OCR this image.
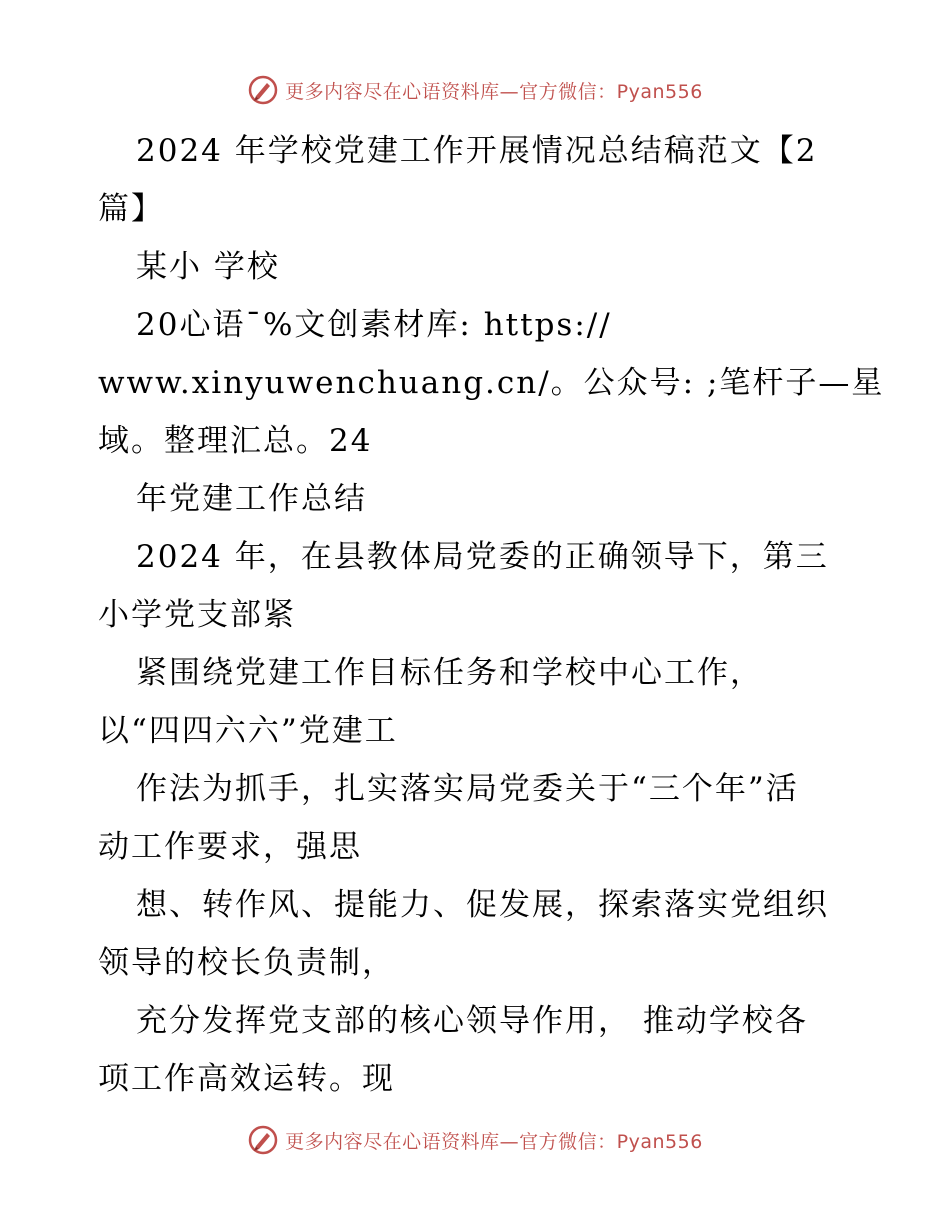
更多内容尽在心语资料库—官方微信：Pyan556
2024 年学校党建工作开展情况总结稿范文【2
篇】
某小 学校
20心语¯%文创素材库: https://
www.xinyuwenchuang.cn/。公众号: ;笔杆子—星
域。整理汇总。24
年党建工作总结
2024 年，在县教体局党委的正确领导下，第三
小学党支部紧
紧围绕党建工作目标任务和学校中心工作，
以“四四六六”党建工
作法为抓手，扎实落实局党委关于“三个年”活
动工作要求，强思
想、转作风、提能力、促发展，探索落实党组织
领导的校长负责制，
充分发挥党支部的核心领导作用， 推动学校各
项工作高效运转。现
更多内容尽在心语资料库—官方微信：Pyan556
